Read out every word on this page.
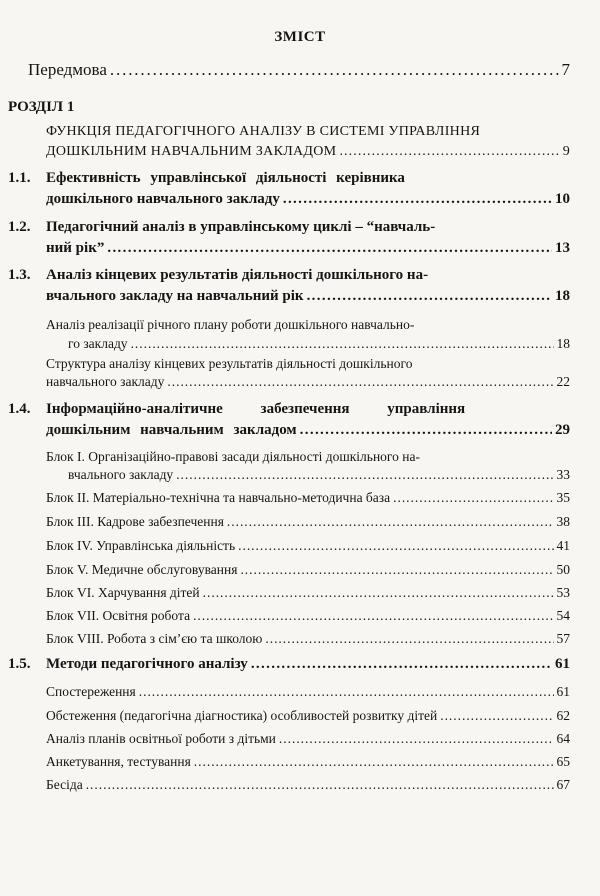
ЗМІСТ
Передмова . . .	7
РОЗДІЛ 1
ФУНКЦІЯ ПЕДАГОГІЧНОГО АНАЛІЗУ В СИСТЕМІ УПРАВЛІННЯ
ДОШКІЛЬНИМ НАВЧАЛЬНИМ ЗАКЛАДОМ . . .	9
1.1. Ефективність управлінської діяльності керівника
дошкільного навчального закладу . . .	10
1.2. Педагогічний аналіз в управлінському циклі – “навчаль-
ний рік” . . .	13
1.3. Аналіз кінцевих результатів діяльності дошкільного на-
вчального закладу на навчальний рік . . .	18
Аналіз реалізації річного плану роботи дошкільного навчально-
го закладу . . .	18
Структура аналізу кінцевих результатів діяльності дошкільного
навчального закладу . . .	22
1.4. Інформаційно-аналітичне забезпечення управління
дошкільним навчальним закладом . . .	29
Блок I. Організаційно-правові засади діяльності дошкільного на-
вчального закладу . . .	33
Блок II. Матеріально-технічна та навчально-методична база . . .	35
Блок III. Кадрове забезпечення . . .	38
Блок IV. Управлінська діяльність . . .	41
Блок V. Медичне обслуговування . . .	50
Блок VI. Харчування дітей . . .	53
Блок VII. Освітня робота . . .	54
Блок VIII. Робота з сім’єю та школою . . .	57
1.5. Методи педагогічного аналізу . . .	61
Спостереження . . .	61
Обстеження (педагогічна діагностика) особливостей розвитку дітей . . .	62
Аналіз планів освітньої роботи з дітьми . . .	64
Анкетування, тестування . . .	65
Бесіда . . .	67
